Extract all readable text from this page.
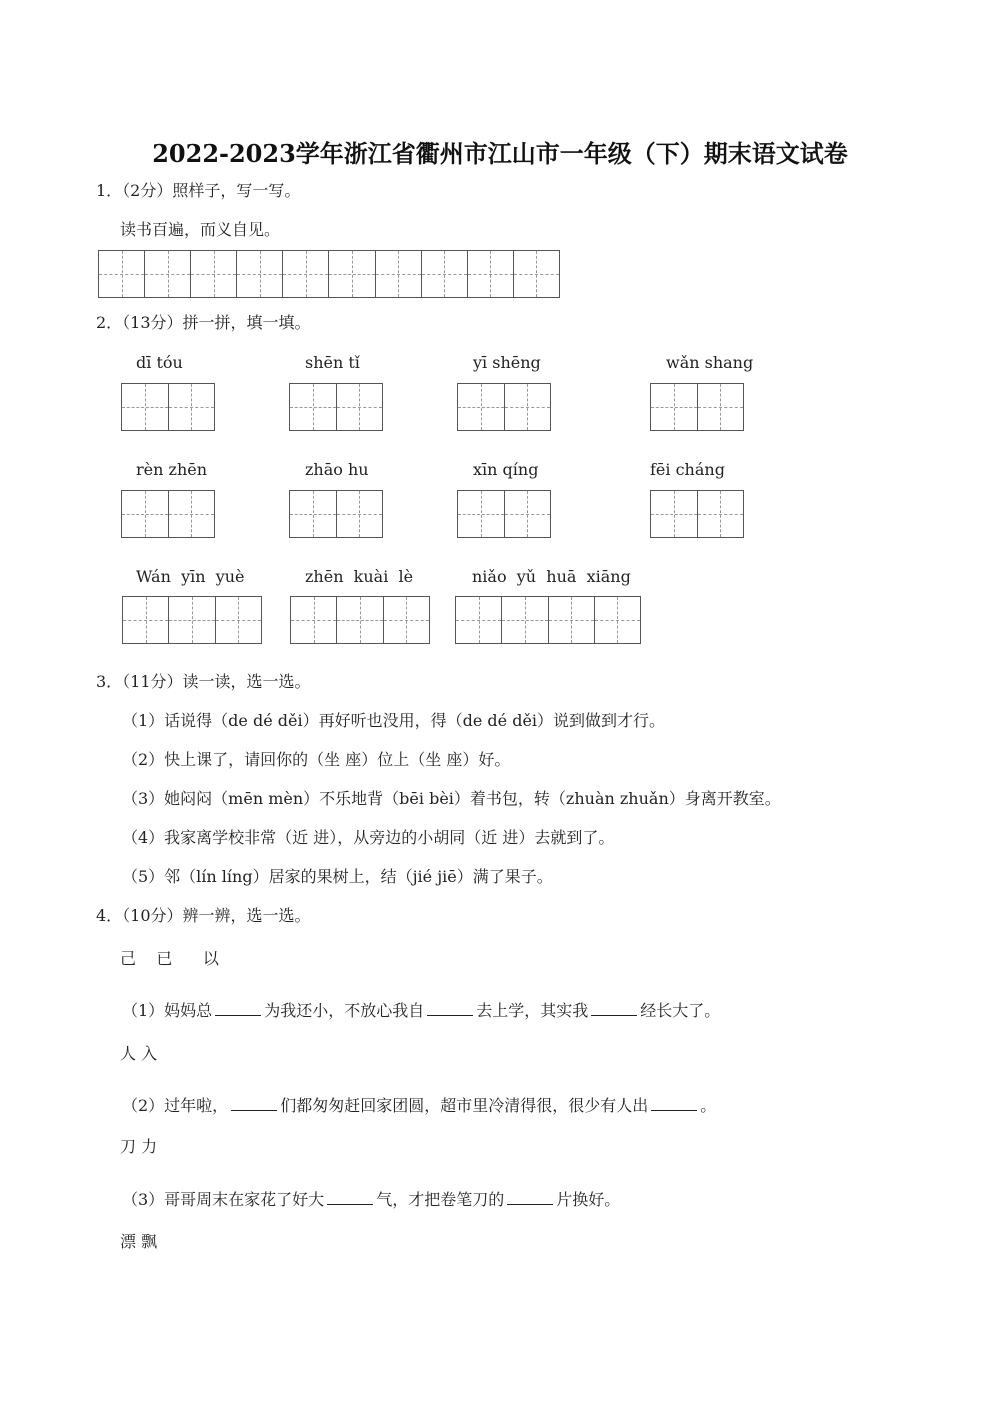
2022-2023学年浙江省衢州市江山市一年级（下）期末语文试卷
1．（2分）照样子，写一写。
读书百遍，而义自见。
2．（13分）拼一拼，填一填。
dī tóu	shēn tǐ	yī shēng	wǎn shang
rèn zhēn	zhāo hu	xīn qíng	fēi cháng
Wán  yīn  yuè	zhēn  kuài  lè	niǎo  yǔ  huā  xiāng
3．（11分）读一读，选一选。
（1）话说得（de dé děi）再好听也没用，得（de dé děi）说到做到才行。
（2）快上课了，请回你的（坐 座）位上（坐 座）好。
（3）她闷闷（mēn mèn）不乐地背（bēi bèi）着书包，转（zhuàn zhuǎn）身离开教室。
（4）我家离学校非常（近 进），从旁边的小胡同（近 进）去就到了。
（5）邻（lín líng）居家的果树上，结（jié jiē）满了果子。
4．（10分）辨一辨，选一选。
己    已      以
（1）妈妈总	为我还小，不放心我自	去上学，其实我	经长大了。
人 入
（2）过年啦，	们都匆匆赶回家团圆，超市里冷清得很，很少有人出	。
刀 力
（3）哥哥周末在家花了好大	气，才把卷笔刀的	片换好。
漂 飘
